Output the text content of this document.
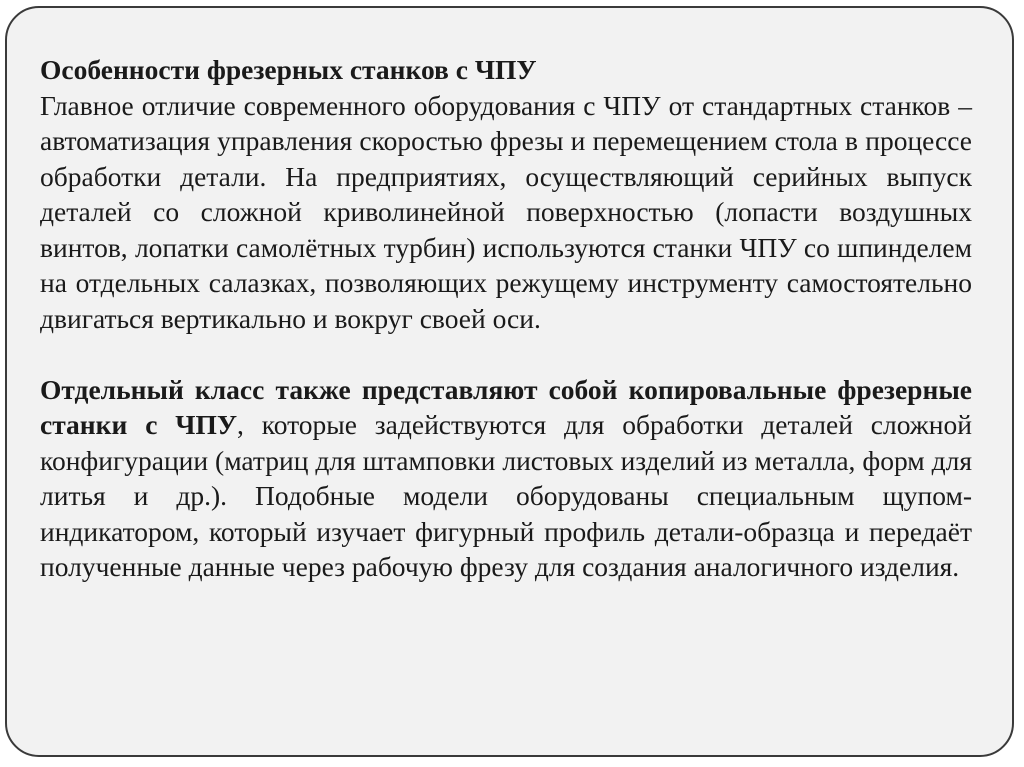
Особенности фрезерных станков с ЧПУ

Главное отличие современного оборудования с ЧПУ от стандартных станков – автоматизация управления скоростью фрезы и перемещением стола в процессе обработки детали. На предприятиях, осуществляющий серийных выпуск деталей со сложной криволинейной поверхностью (лопасти воздушных винтов, лопатки самолётных турбин) используются станки ЧПУ со шпинделем на отдельных салазках, позволяющих режущему инструменту самостоятельно двигаться вертикально и вокруг своей оси.

Отдельный класс также представляют собой копировальные фрезерные станки с ЧПУ, которые задействуются для обработки деталей сложной конфигурации (матриц для штамповки листовых изделий из металла, форм для литья и др.). Подобные модели оборудованы специальным щупом-индикатором, который изучает фигурный профиль детали-образца и передаёт полученные данные через рабочую фрезу для создания аналогичного изделия.
